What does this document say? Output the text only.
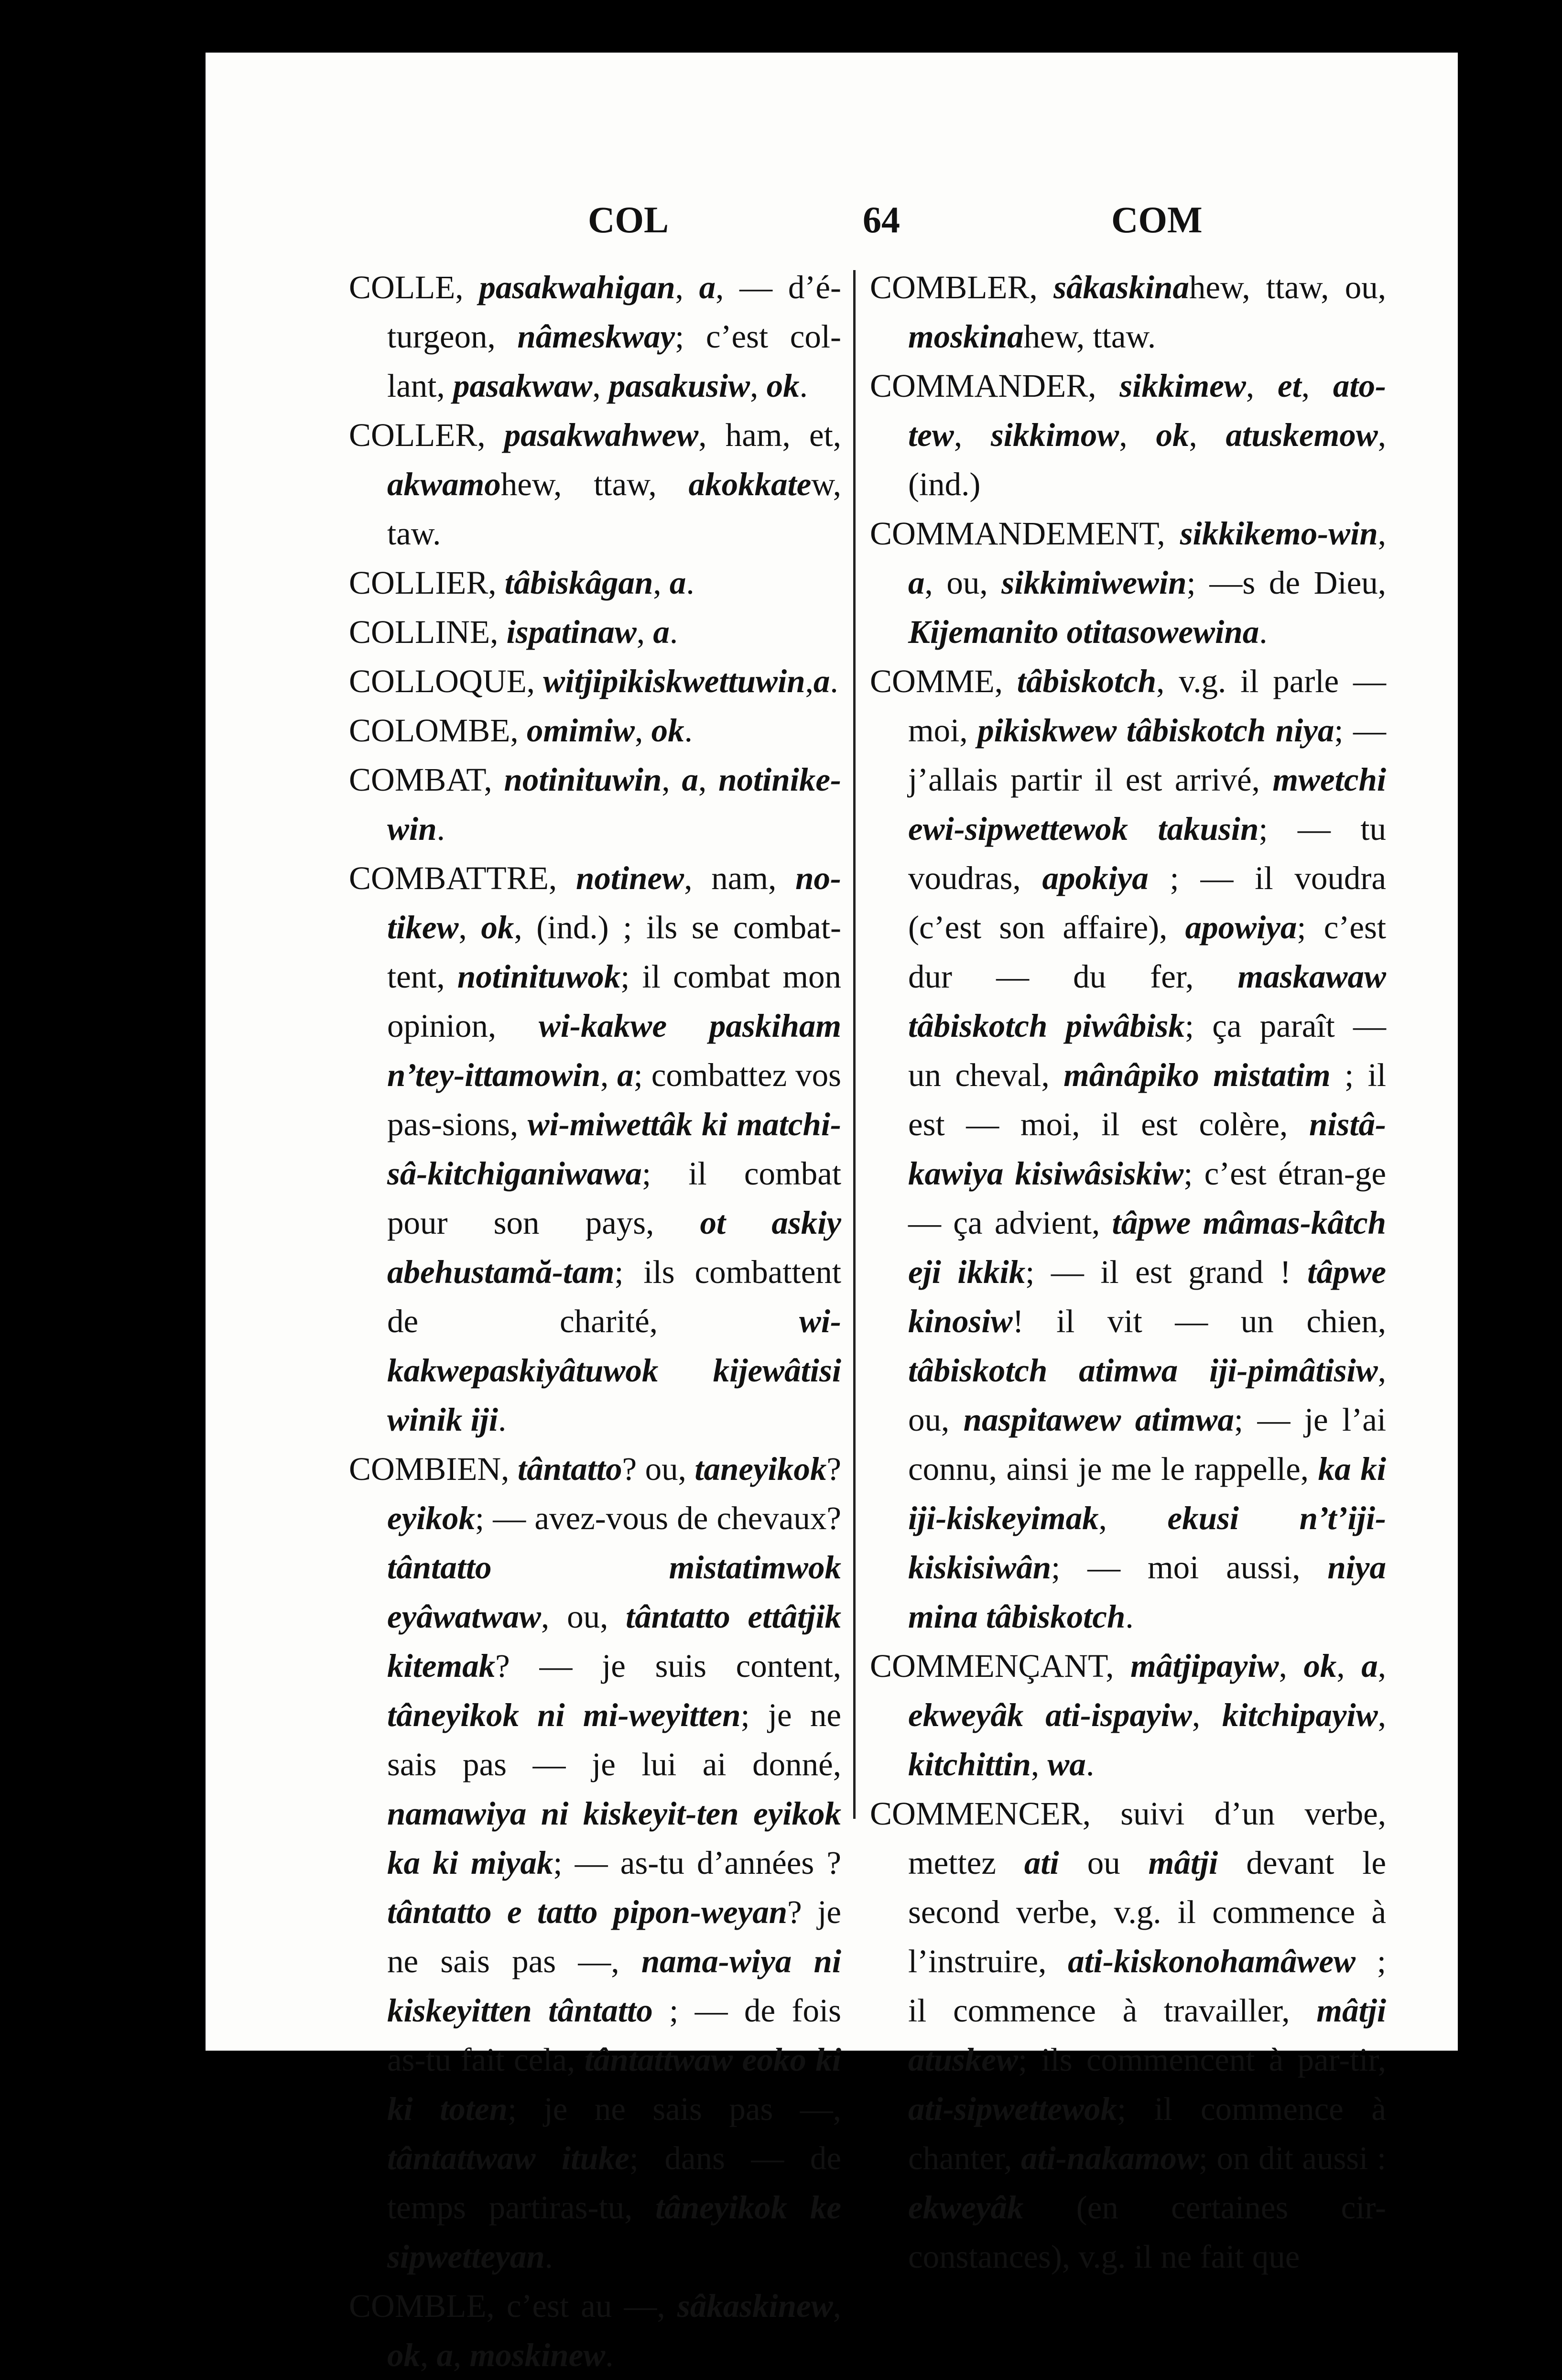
COL	64	COM

COLLE, pasakwahigan, a, — d’é-turgeon, nâmeskway; c’est col-lant, pasakwaw, pasakusiw, ok.

COLLER, pasakwahwew, ham, et, akwamohew, ttaw, akokkatew, taw.

COLLIER, tâbiskâgan, a.

COLLINE, ispatinaw, a.

COLLOQUE, witjipikiskwettuwin,a.

COLOMBE, omimiw, ok.

COMBAT, notinituwin, a, notinike-win.

COMBATTRE, notinew, nam, no-tikew, ok, (ind.) ; ils se combat-tent, notinituwok; il combat mon opinion, wi-kakwe paskiham n’tey-ittamowin, a; combattez vos pas-sions, wi-miwettâk ki matchi-sâ-kitchiganiwawa; il combat pour son pays, ot askiy abehustamă-tam; ils combattent de charité, wi-kakwepaskiyâtuwok kijewâtisi winik iji.

COMBIEN, tântatto? ou, taneyikok? eyikok; — avez-vous de chevaux? tântatto mistatimwok eyâwatwaw, ou, tântatto ettâtjik kitemak? — je suis content, tâneyikok ni mi-weyitten; je ne sais pas — je lui ai donné, namawiya ni kiskeyit-ten eyikok ka ki miyak; — as-tu d’années ? tântatto e tatto pipon-weyan? je ne sais pas —, nama-wiya ni kiskeyitten tântatto ; — de fois as-tu fait cela, tântattwaw eoko ki ki toten; je ne sais pas —, tântattwaw ituke; dans — de temps partiras-tu, tâneyikok ke sipwetteyan.

COMBLE, c’est au —, sâkaskinew, ok, a, moskinew.

COMBLER, sâkaskinahew, ttaw, ou, moskinahew, ttaw.

COMMANDER, sikkimew, et, ato-tew, sikkimow, ok, atuskemow, (ind.)

COMMANDEMENT, sikkikemo-win, a, ou, sikkimiwewin; —s de Dieu, Kijemanito otitasowewina.

COMME, tâbiskotch, v.g. il parle — moi, pikiskwew tâbiskotch niya; — j’allais partir il est arrivé, mwetchi ewi-sipwettewok takusin; — tu voudras, apokiya ; — il voudra (c’est son affaire), apowiya; c’est dur — du fer, maskawaw tâbiskotch piwâbisk; ça paraît — un cheval, mânâpiko mistatim ; il est — moi, il est colère, nistâ-kawiya kisiwâsiskiw; c’est étran-ge — ça advient, tâpwe mâmas-kâtch eji ikkik; — il est grand ! tâpwe kinosiw! il vit — un chien, tâbiskotch atimwa iji-pimâtisiw, ou, naspitawew atimwa; — je l’ai connu, ainsi je me le rappelle, ka ki iji-kiskeyimak, ekusi n’t’iji-kiskisiwân; — moi aussi, niya mina tâbiskotch.

COMMENÇANT, mâtjipayiw, ok, a, ekweyâk ati-ispayiw, kitchipayiw, kitchittin, wa.

COMMENCER, suivi d’un verbe, mettez ati ou mâtji devant le second verbe, v.g. il commence à l’instruire, ati-kiskonohamâwew ; il commence à travailler, mâtji atuskew; ils commencent à par-tir, ati-sipwettewok; il commence à chanter, ati-nakamow; on dit aussi : ekweyâk (en certaines cir-constances), v.g. il ne fait que
